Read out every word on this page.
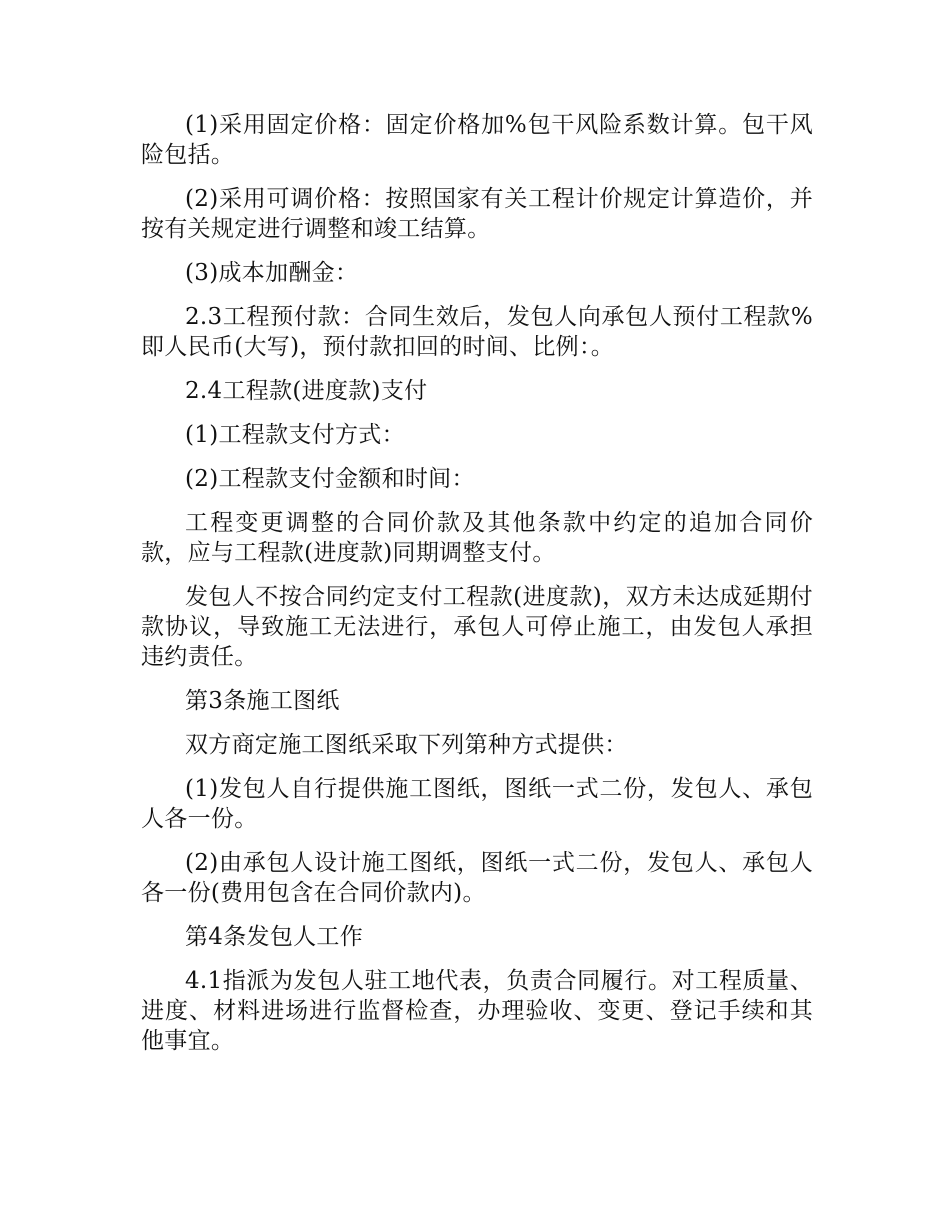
(1)采用固定价格：固定价格加%包干风险系数计算。包干风险包括。

(2)采用可调价格：按照国家有关工程计价规定计算造价，并按有关规定进行调整和竣工结算。

(3)成本加酬金：

2.3工程预付款：合同生效后，发包人向承包人预付工程款%即人民币(大写)，预付款扣回的时间、比例：。

2.4工程款(进度款)支付

(1)工程款支付方式：

(2)工程款支付金额和时间：

工程变更调整的合同价款及其他条款中约定的追加合同价款，应与工程款(进度款)同期调整支付。

发包人不按合同约定支付工程款(进度款)，双方未达成延期付款协议，导致施工无法进行，承包人可停止施工，由发包人承担违约责任。

第3条施工图纸

双方商定施工图纸采取下列第种方式提供：

(1)发包人自行提供施工图纸，图纸一式二份，发包人、承包人各一份。

(2)由承包人设计施工图纸，图纸一式二份，发包人、承包人各一份(费用包含在合同价款内)。

第4条发包人工作

4.1指派为发包人驻工地代表，负责合同履行。对工程质量、进度、材料进场进行监督检查，办理验收、变更、登记手续和其他事宜。
